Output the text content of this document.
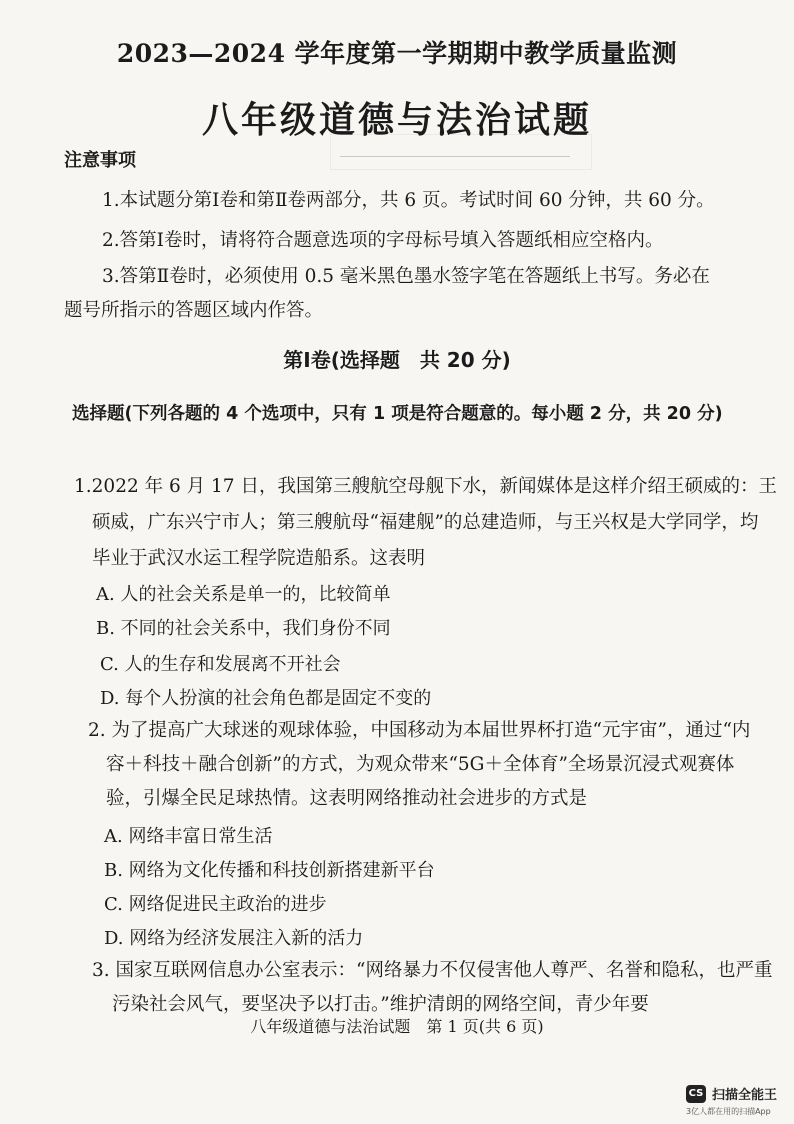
2023—2024 学年度第一学期期中教学质量监测
八年级道德与法治试题
注意事项
1.本试题分第Ⅰ卷和第Ⅱ卷两部分，共 6 页。考试时间 60 分钟，共 60 分。
2.答第Ⅰ卷时，请将符合题意选项的字母标号填入答题纸相应空格内。
3.答第Ⅱ卷时，必须使用 0.5 毫米黑色墨水签字笔在答题纸上书写。务必在
题号所指示的答题区域内作答。
第Ⅰ卷(选择题　共 20 分)
选择题(下列各题的 4 个选项中，只有 1 项是符合题意的。每小题 2 分，共 20 分)
1.2022 年 6 月 17 日，我国第三艘航空母舰下水，新闻媒体是这样介绍王硕威的：王
硕威，广东兴宁市人；第三艘航母“福建舰”的总建造师，与王兴权是大学同学，均
毕业于武汉水运工程学院造船系。这表明
A. 人的社会关系是单一的，比较简单
B. 不同的社会关系中，我们身份不同
C. 人的生存和发展离不开社会
D. 每个人扮演的社会角色都是固定不变的
2. 为了提高广大球迷的观球体验，中国移动为本届世界杯打造“元宇宙”，通过“内
容＋科技＋融合创新”的方式，为观众带来“5G＋全体育”全场景沉浸式观赛体
验，引爆全民足球热情。这表明网络推动社会进步的方式是
A. 网络丰富日常生活
B. 网络为文化传播和科技创新搭建新平台
C. 网络促进民主政治的进步
D. 网络为经济发展注入新的活力
3. 国家互联网信息办公室表示：“网络暴力不仅侵害他人尊严、名誉和隐私，也严重
污染社会风气，要坚决予以打击。”维护清朗的网络空间，青少年要
八年级道德与法治试题　第 1 页(共 6 页)
CS 扫描全能王
3亿人都在用的扫描App
